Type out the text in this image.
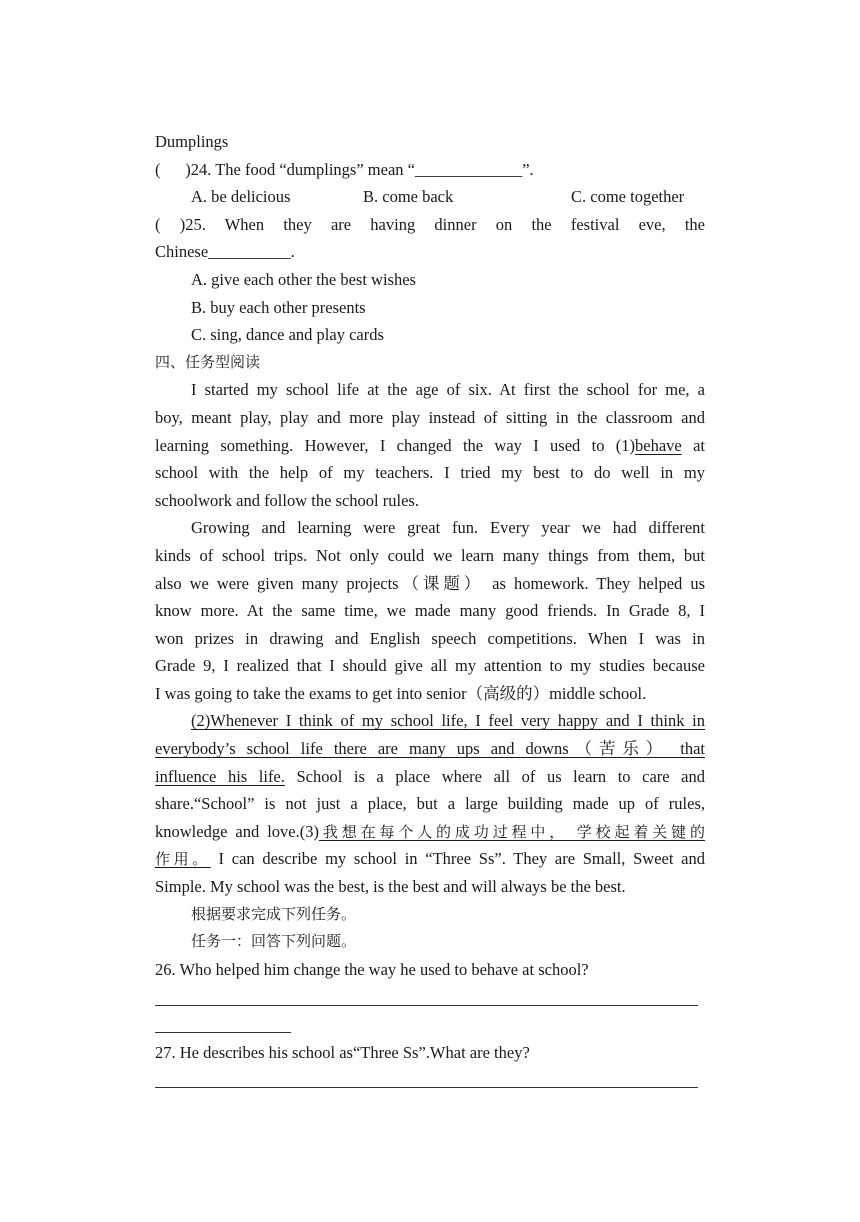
Dumplings
(      )24. The food “dumplings” mean “_____________”.
A. be delicious	B. come back	C. come together
( )25. When they are having dinner on the festival eve, the
Chinese__________.
A. give each other the best wishes
B. buy each other presents
C. sing, dance and play cards
四、任务型阅读
I started my school life at the age of six. At first the school for me, a
boy, meant play, play and more play instead of sitting in the classroom and
learning something. However, I changed the way I used to (1)behave at
school with the help of my teachers. I tried my best to do well in my
schoolwork and follow the school rules.
Growing and learning were great fun. Every year we had different
kinds of school trips. Not only could we learn many things from them, but
also we were given many projects（课题） as homework. They helped us
know more. At the same time, we made many good friends. In Grade 8, I
won prizes in drawing and English speech competitions. When I was in
Grade 9, I realized that I should give all my attention to my studies because
I was going to take the exams to get into senior（高级的）middle school.
(2)Whenever I think of my school life, I feel very happy and I think in
everybody’s school life there are many ups and downs（苦乐） that
influence his life. School is a place where all of us learn to care and
share.“School” is not just a place, but a large building made up of rules,
knowledge and love.(3)我想在每个人的成功过程中， 学校起着关键的
作用。 I can describe my school in “Three Ss”. They are Small, Sweet and
Simple. My school was the best, is the best and will always be the best.
根据要求完成下列任务。
任务一：回答下列问题。
26. Who helped him change the way he used to behave at school?
27. He describes his school as“Three Ss”.What are they?
